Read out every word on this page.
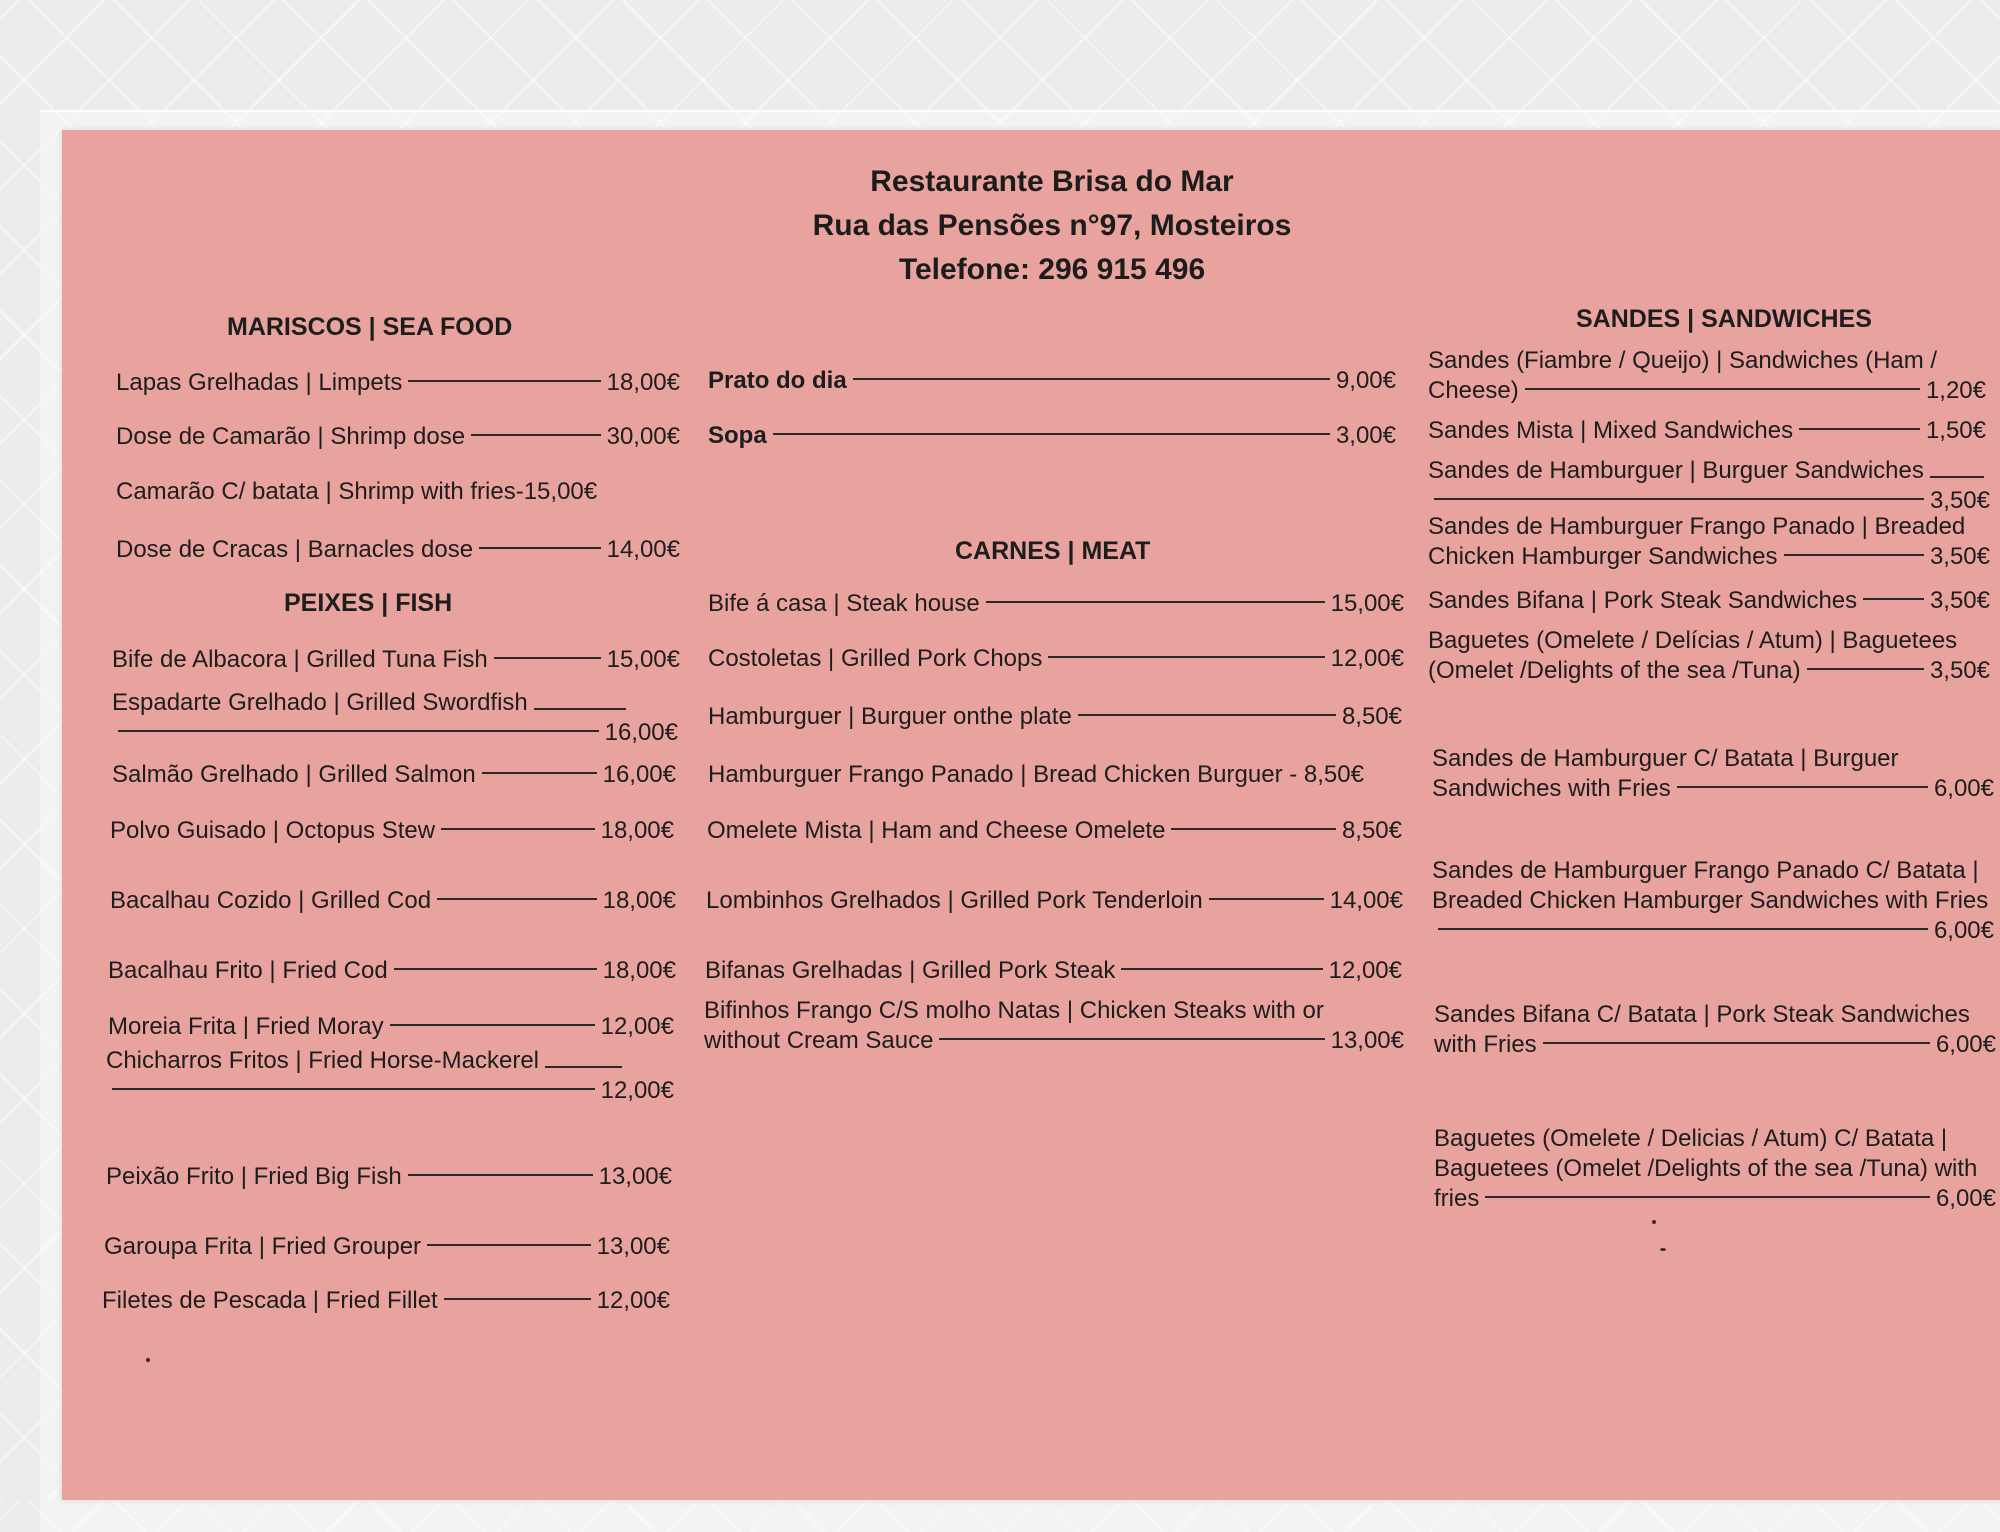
Restaurante Brisa do Mar
Rua das Pensões n°97, Mosteiros
Telefone: 296 915 496
MARISCOS | SEA FOOD
Lapas Grelhadas | Limpets	18,00€
Dose de Camarão | Shrimp dose	30,00€
Camarão C/ batata | Shrimp with fries-15,00€
Dose de Cracas | Barnacles dose	14,00€
PEIXES | FISH
Bife de Albacora | Grilled Tuna Fish	15,00€
Espadarte Grelhado | Grilled Swordfish
16,00€
Salmão Grelhado | Grilled Salmon	16,00€
Polvo Guisado | Octopus Stew	18,00€
Bacalhau Cozido | Grilled Cod	18,00€
Bacalhau Frito | Fried Cod	18,00€
Moreia Frita | Fried Moray	12,00€
Chicharros Fritos | Fried Horse-Mackerel
12,00€
Peixão Frito | Fried Big Fish	13,00€
Garoupa Frita | Fried Grouper	13,00€
Filetes de Pescada | Fried Fillet	12,00€
Prato do dia	9,00€
Sopa	3,00€
CARNES | MEAT
Bife á casa | Steak house	15,00€
Costoletas | Grilled Pork Chops	12,00€
Hamburguer | Burguer onthe plate	8,50€
Hamburguer Frango Panado | Bread Chicken Burguer - 8,50€
Omelete Mista | Ham and Cheese Omelete	8,50€
Lombinhos Grelhados | Grilled Pork Tenderloin	14,00€
Bifanas Grelhadas | Grilled Pork Steak	12,00€
Bifinhos Frango C/S molho Natas | Chicken Steaks with or
without Cream Sauce	13,00€
SANDES | SANDWICHES
Sandes (Fiambre / Queijo) | Sandwiches (Ham /
Cheese)	1,20€
Sandes Mista | Mixed Sandwiches	1,50€
Sandes de Hamburguer | Burguer Sandwiches
3,50€
Sandes de Hamburguer Frango Panado | Breaded
Chicken Hamburger Sandwiches	3,50€
Sandes Bifana | Pork Steak Sandwiches	3,50€
Baguetes (Omelete / Delícias / Atum) | Baguetees
(Omelet /Delights of the sea /Tuna)	3,50€
Sandes de Hamburguer C/ Batata | Burguer
Sandwiches with Fries	6,00€
Sandes de Hamburguer Frango Panado C/ Batata |
Breaded Chicken Hamburger Sandwiches with Fries
6,00€
Sandes Bifana C/ Batata | Pork Steak Sandwiches
with Fries	6,00€
Baguetes (Omelete / Delicias / Atum) C/ Batata |
Baguetees (Omelet /Delights of the sea /Tuna) with
fries	6,00€
